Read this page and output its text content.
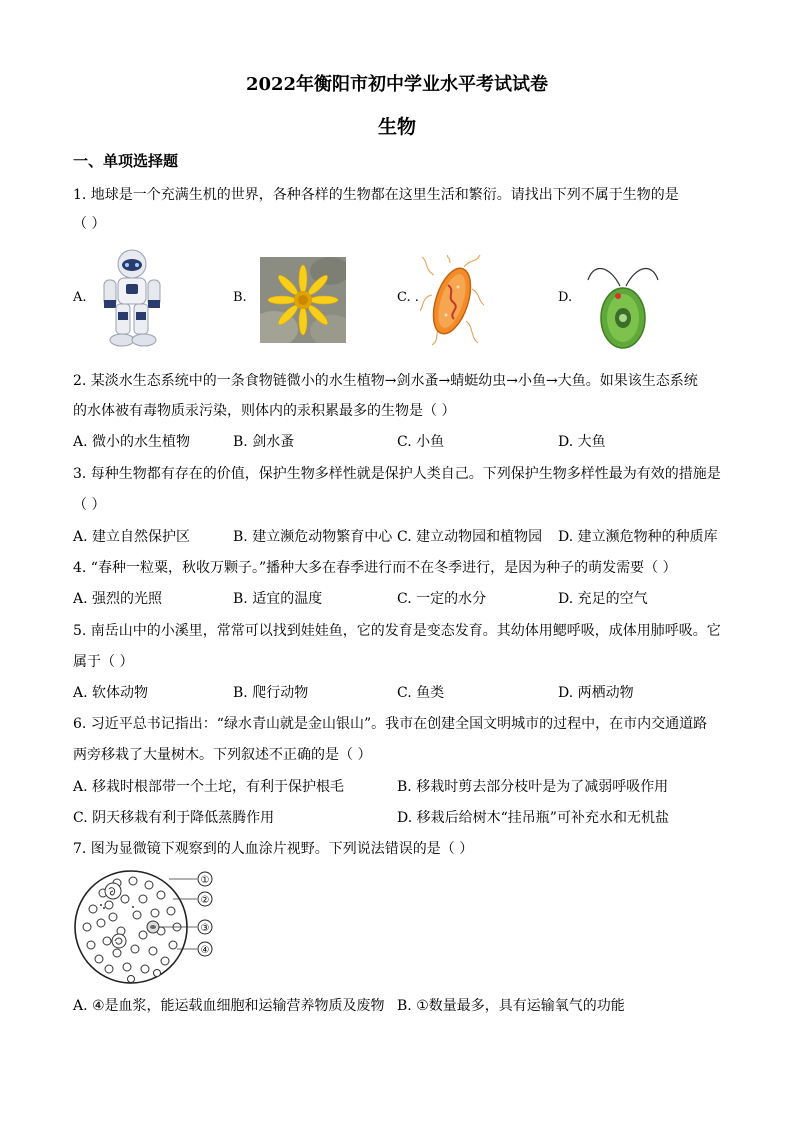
2022年衡阳市初中学业水平考试试卷
生物
一、单项选择题
1. 地球是一个充满生机的世界，各种各样的生物都在这里生活和繁衍。请找出下列不属于生物的是
（ ）
A.	B.	C. .	D.
2. 某淡水生态系统中的一条食物链微小的水生植物→剑水蚤→蜻蜓幼虫→小鱼→大鱼。如果该生态系统
的水体被有毒物质汞污染，则体内的汞积累最多的生物是（ ）
A. 微小的水生植物	B. 剑水蚤	C. 小鱼	D. 大鱼
3. 每种生物都有存在的价值，保护生物多样性就是保护人类自己。下列保护生物多样性最为有效的措施是
（ ）
A. 建立自然保护区	B. 建立濒危动物繁育中心 C. 建立动物园和植物园 D. 建立濒危物种的种质库
4. “春种一粒粟，秋收万颗子。”播种大多在春季进行而不在冬季进行，是因为种子的萌发需要（ ）
A. 强烈的光照	B. 适宜的温度	C. 一定的水分	D. 充足的空气
5. 南岳山中的小溪里，常常可以找到娃娃鱼，它的发育是变态发育。其幼体用鳃呼吸，成体用肺呼吸。它
属于（ ）
A. 软体动物	B. 爬行动物	C. 鱼类	D. 两栖动物
6. 习近平总书记指出：“绿水青山就是金山银山”。我市在创建全国文明城市的过程中，在市内交通道路
两旁移栽了大量树木。下列叙述不正确的是（ ）
A. 移栽时根部带一个土坨，有利于保护根毛	B. 移栽时剪去部分枝叶是为了减弱呼吸作用
C. 阴天移栽有利于降低蒸腾作用	D. 移栽后给树木“挂吊瓶”可补充水和无机盐
7. 图为显微镜下观察到的人血涂片视野。下列说法错误的是（ ）
①
②
③
④
A. ④是血浆，能运载血细胞和运输营养物质及废物 B. ①数量最多，具有运输氧气的功能
